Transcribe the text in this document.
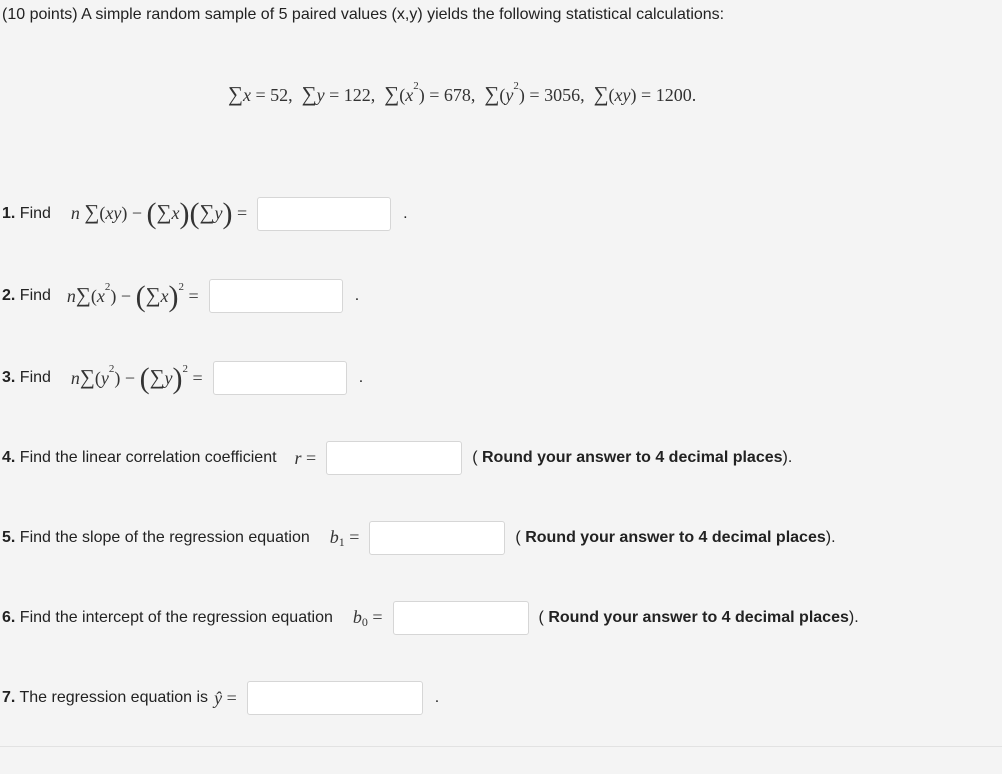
(10 points) A simple random sample of 5 paired values (x,y) yields the following statistical calculations:
∑x = 52,  ∑y = 122,  $\sum(x^2) = 678$,  $\sum(y^2) = 3056$,  ∑(xy) = 1200.
1. Find n ∑(xy) − (∑x)(∑y) =	.
2. Find $n\sum(x^2) - (\sum x)^2$ =	.
3. Find $n\sum(y^2) - (\sum y)^2$ =	.
4. Find the linear correlation coefficient r =	( Round your answer to 4 decimal places).
5. Find the slope of the regression equation b1 =	( Round your answer to 4 decimal places).
6. Find the intercept of the regression equation b0 =	( Round your answer to 4 decimal places).
7. The regression equation is ŷ =	.
